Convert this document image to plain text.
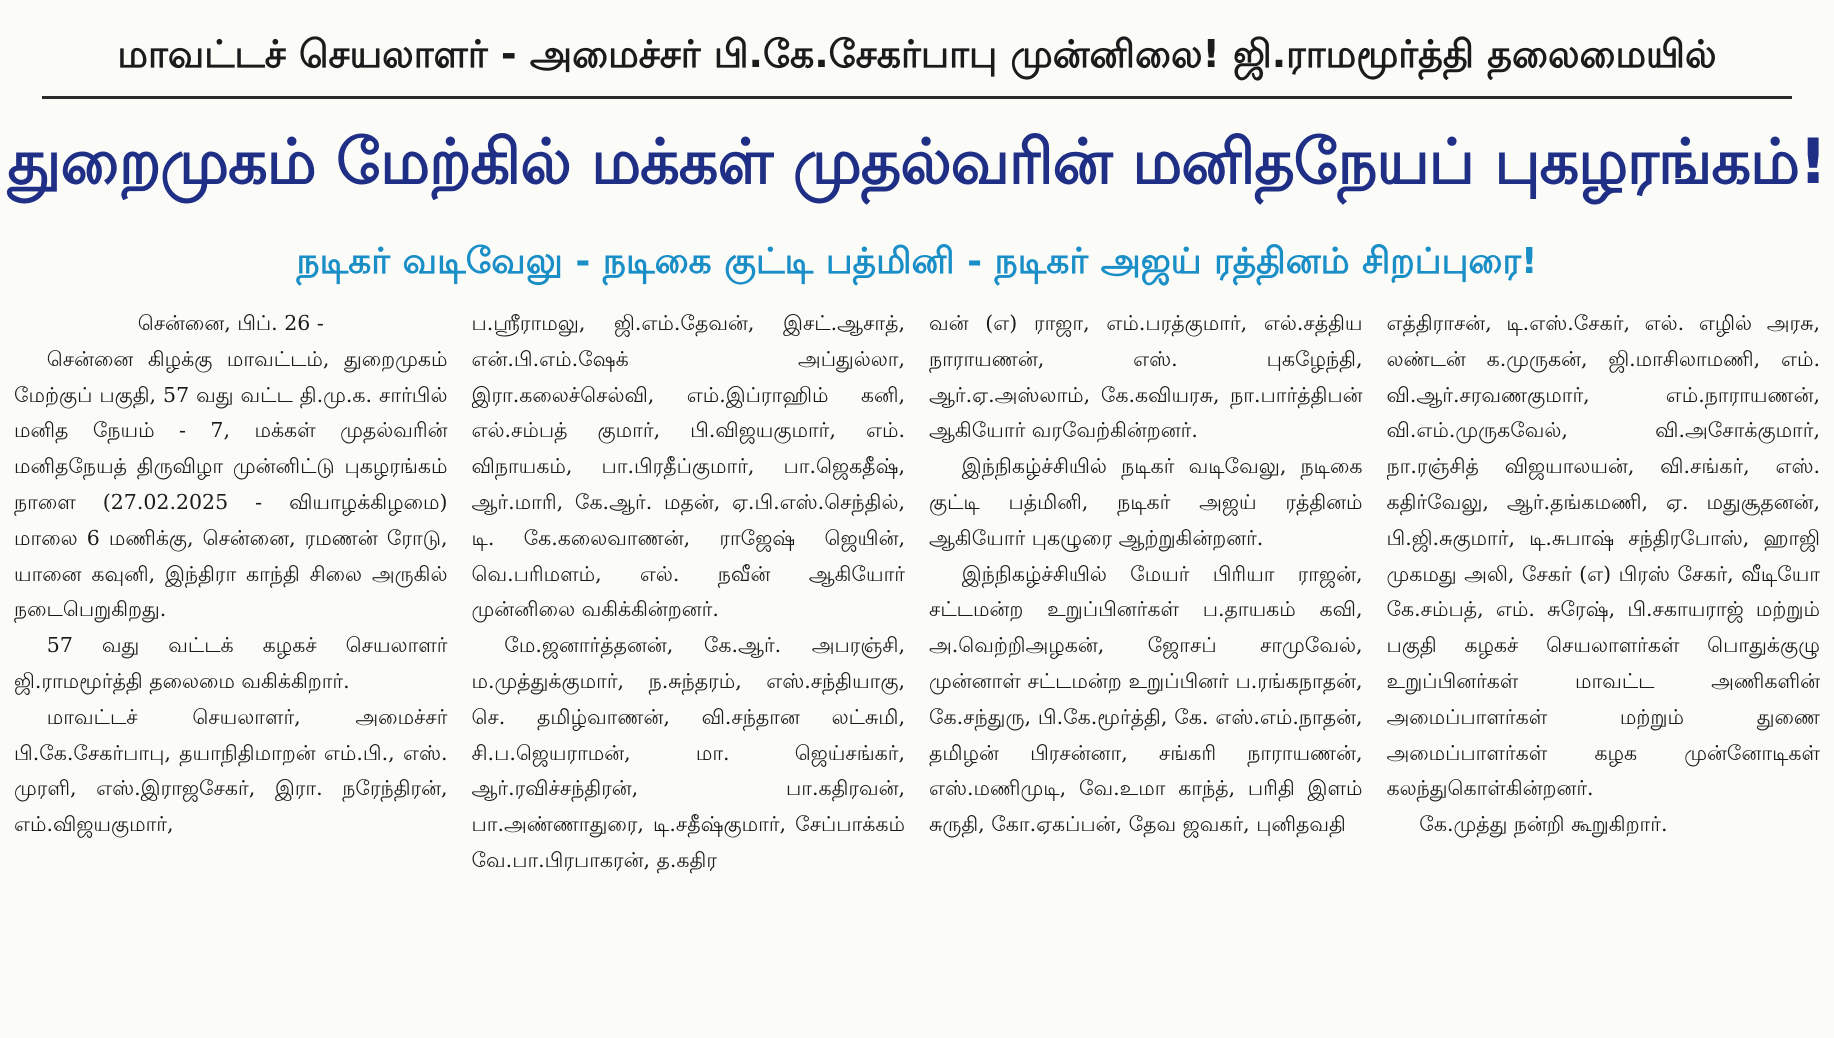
மாவட்டச் செயலாளர் - அமைச்சர் பி.கே.சேகர்பாபு முன்னிலை! ஜி.ராமமூர்த்தி தலைமையில்
துறைமுகம் மேற்கில் மக்கள் முதல்வரின் மனிதநேயப் புகழரங்கம்!
நடிகர் வடிவேலு - நடிகை குட்டி பத்மினி - நடிகர் அஜய் ரத்தினம் சிறப்புரை!

சென்னை, பிப். 26 -

சென்னை கிழக்கு மாவட்டம், துறைமுகம் மேற்குப் பகுதி, 57 வது வட்ட தி.மு.க. சார்பில் மனித நேயம் - 7, மக்கள் முதல்வரின் மனிதநேயத் திருவிழா முன்னிட்டு புகழரங்கம் நாளை (27.02.2025 - வியாழக்கிழமை) மாலை 6 மணிக்கு, சென்னை, ரமணன் ரோடு, யானை கவுனி, இந்திரா காந்தி சிலை அருகில் நடைபெறுகிறது.

57 வது வட்டக் கழகச் செயலாளர் ஜி.ராமமூர்த்தி தலைமை வகிக்கிறார்.

மாவட்டச் செயலாளர், அமைச்சர் பி.கே.சேகர்பாபு, தயாநிதிமாறன் எம்.பி., எஸ். முரளி, எஸ்.இராஜசேகர், இரா. நரேந்திரன், எம்.விஜயகுமார்,

ப.ஸ்ரீராமலு, ஜி.எம்.தேவன், இசட்.ஆசாத், என்.பி.எம்.ஷேக் அப்துல்லா, இரா.கலைச்செல்வி, எம்.இப்ராஹிம் கனி, எல்.சம்பத் குமார், பி.விஜயகுமார், எம். விநாயகம், பா.பிரதீப்குமார், பா.ஜெகதீஷ், ஆர்.மாரி, கே.ஆர். மதன், ஏ.பி.எஸ்.செந்தில், டி. கே.கலைவாணன், ராஜேஷ் ஜெயின், வெ.பரிமளம், எல். நவீன் ஆகியோர் முன்னிலை வகிக்கின்றனர்.

மே.ஜனார்த்தனன், கே.ஆர். அபரஞ்சி, ம.முத்துக்குமார், ந.சுந்தரம், எஸ்.சந்தியாகு, செ. தமிழ்வாணன், வி.சந்தான லட்சுமி, சி.ப.ஜெயராமன், மா. ஜெய்சங்கர், ஆர்.ரவிச்சந்திரன், பா.கதிரவன், பா.அண்ணாதுரை, டி.சதீஷ்குமார், சேப்பாக்கம் வே.பா.பிரபாகரன், த.கதிர

வன் (எ) ராஜா, எம்.பரத்குமார், எல்.சத்திய நாராயணன், எஸ். புகழேந்தி, ஆர்.ஏ.அஸ்லாம், கே.கவியரசு, நா.பார்த்திபன் ஆகியோர் வரவேற்கின்றனர்.

இந்நிகழ்ச்சியில் நடிகர் வடிவேலு, நடிகை குட்டி பத்மினி, நடிகர் அஜய் ரத்தினம் ஆகியோர் புகழுரை ஆற்றுகின்றனர்.

இந்நிகழ்ச்சியில் மேயர் பிரியா ராஜன், சட்டமன்ற உறுப்பினர்கள் ப.தாயகம் கவி, அ.வெற்றிஅழகன், ஜோசப் சாமுவேல், முன்னாள் சட்டமன்ற உறுப்பினர் ப.ரங்கநாதன், கே.சந்துரு, பி.கே.மூர்த்தி, கே. எஸ்.எம்.நாதன், தமிழன் பிரசன்னா, சங்கரி நாராயணன், எஸ்.மணிமுடி, வே.உமா காந்த், பரிதி இளம் சுருதி, கோ.ஏகப்பன், தேவ ஜவகர், புனிதவதி

எத்திராசன், டி.எஸ்.சேகர், எல். எழில் அரசு, லண்டன் க.முருகன், ஜி.மாசிலாமணி, எம். வி.ஆர்.சரவணகுமார், எம்.நாராயணன், வி.எம்.முருகவேல், வி.அசோக்குமார், நா.ரஞ்சித் விஜயாலயன், வி.சங்கர், எஸ். கதிர்வேலு, ஆர்.தங்கமணி, ஏ. மதுசூதனன், பி.ஜி.சுகுமார், டி.சுபாஷ் சந்திரபோஸ், ஹாஜி முகமது அலி, சேகர் (எ) பிரஸ் சேகர், வீடியோ கே.சம்பத், எம். சுரேஷ், பி.சகாயராஜ் மற்றும் பகுதி கழகச் செயலாளர்கள் பொதுக்குழு உறுப்பினர்கள் மாவட்ட அணிகளின் அமைப்பாளர்கள் மற்றும் துணை அமைப்பாளர்கள் கழக முன்னோடிகள் கலந்துகொள்கின்றனர்.

கே.முத்து நன்றி கூறுகிறார்.
